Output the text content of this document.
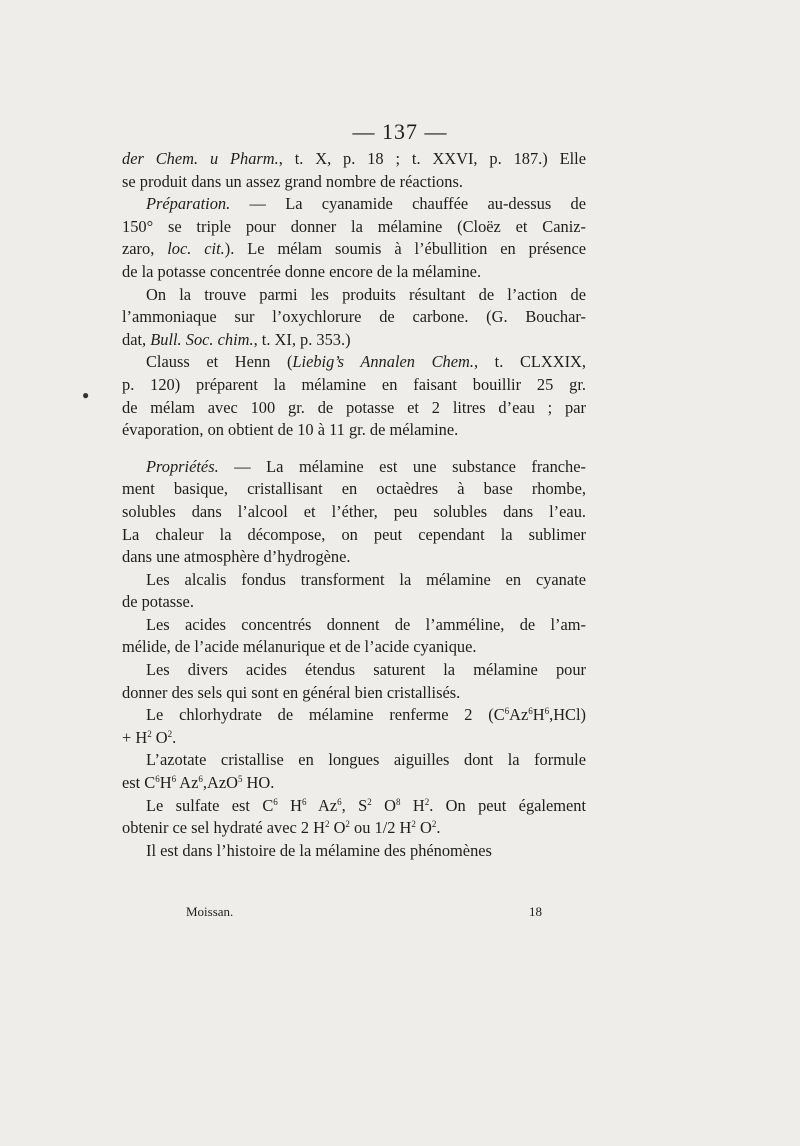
— 137 —

der Chem. u Pharm., t. X, p. 18 ; t. XXVI, p. 187.) Elle
se produit dans un assez grand nombre de réactions.

Préparation. — La cyanamide chauffée au-dessus de
150° se triple pour donner la mélamine (Cloëz et Caniz-
zaro, loc. cit.). Le mélam soumis à l’ébullition en présence
de la potasse concentrée donne encore de la mélamine.

On la trouve parmi les produits résultant de l’action de
l’ammoniaque sur l’oxychlorure de carbone. (G. Bouchar-
dat, Bull. Soc. chim., t. XI, p. 353.)

Clauss et Henn (Liebig’s Annalen Chem., t. CLXXIX,
p. 120) préparent la mélamine en faisant bouillir 25 gr.
de mélam avec 100 gr. de potasse et 2 litres d’eau ; par
évaporation, on obtient de 10 à 11 gr. de mélamine.

Propriétés. — La mélamine est une substance franche-
ment basique, cristallisant en octaèdres à base rhombe,
solubles dans l’alcool et l’éther, peu solubles dans l’eau.
La chaleur la décompose, on peut cependant la sublimer
dans une atmosphère d’hydrogène.

Les alcalis fondus transforment la mélamine en cyanate
de potasse.

Les acides concentrés donnent de l’amméline, de l’am-
mélide, de l’acide mélanurique et de l’acide cyanique.

Les divers acides étendus saturent la mélamine pour
donner des sels qui sont en général bien cristallisés.

Le chlorhydrate de mélamine renferme 2 $(C^6Az^6H^6,HCl)$
+ $H^2$ $O^2$.

L’azotate cristallise en longues aiguilles dont la formule
est $C^6H^6$ Az$^6$,AzO$^5$ HO.

Le sulfate est $C^6$ $H^6$ Az$^6$, $S^2$ $O^8$ $H^2$. On peut également
obtenir ce sel hydraté avec 2 $H^2$ $O^2$ ou 1/2 $H^2$ $O^2$.

Il est dans l’histoire de la mélamine des phénomènes

●
Moissan.	18
